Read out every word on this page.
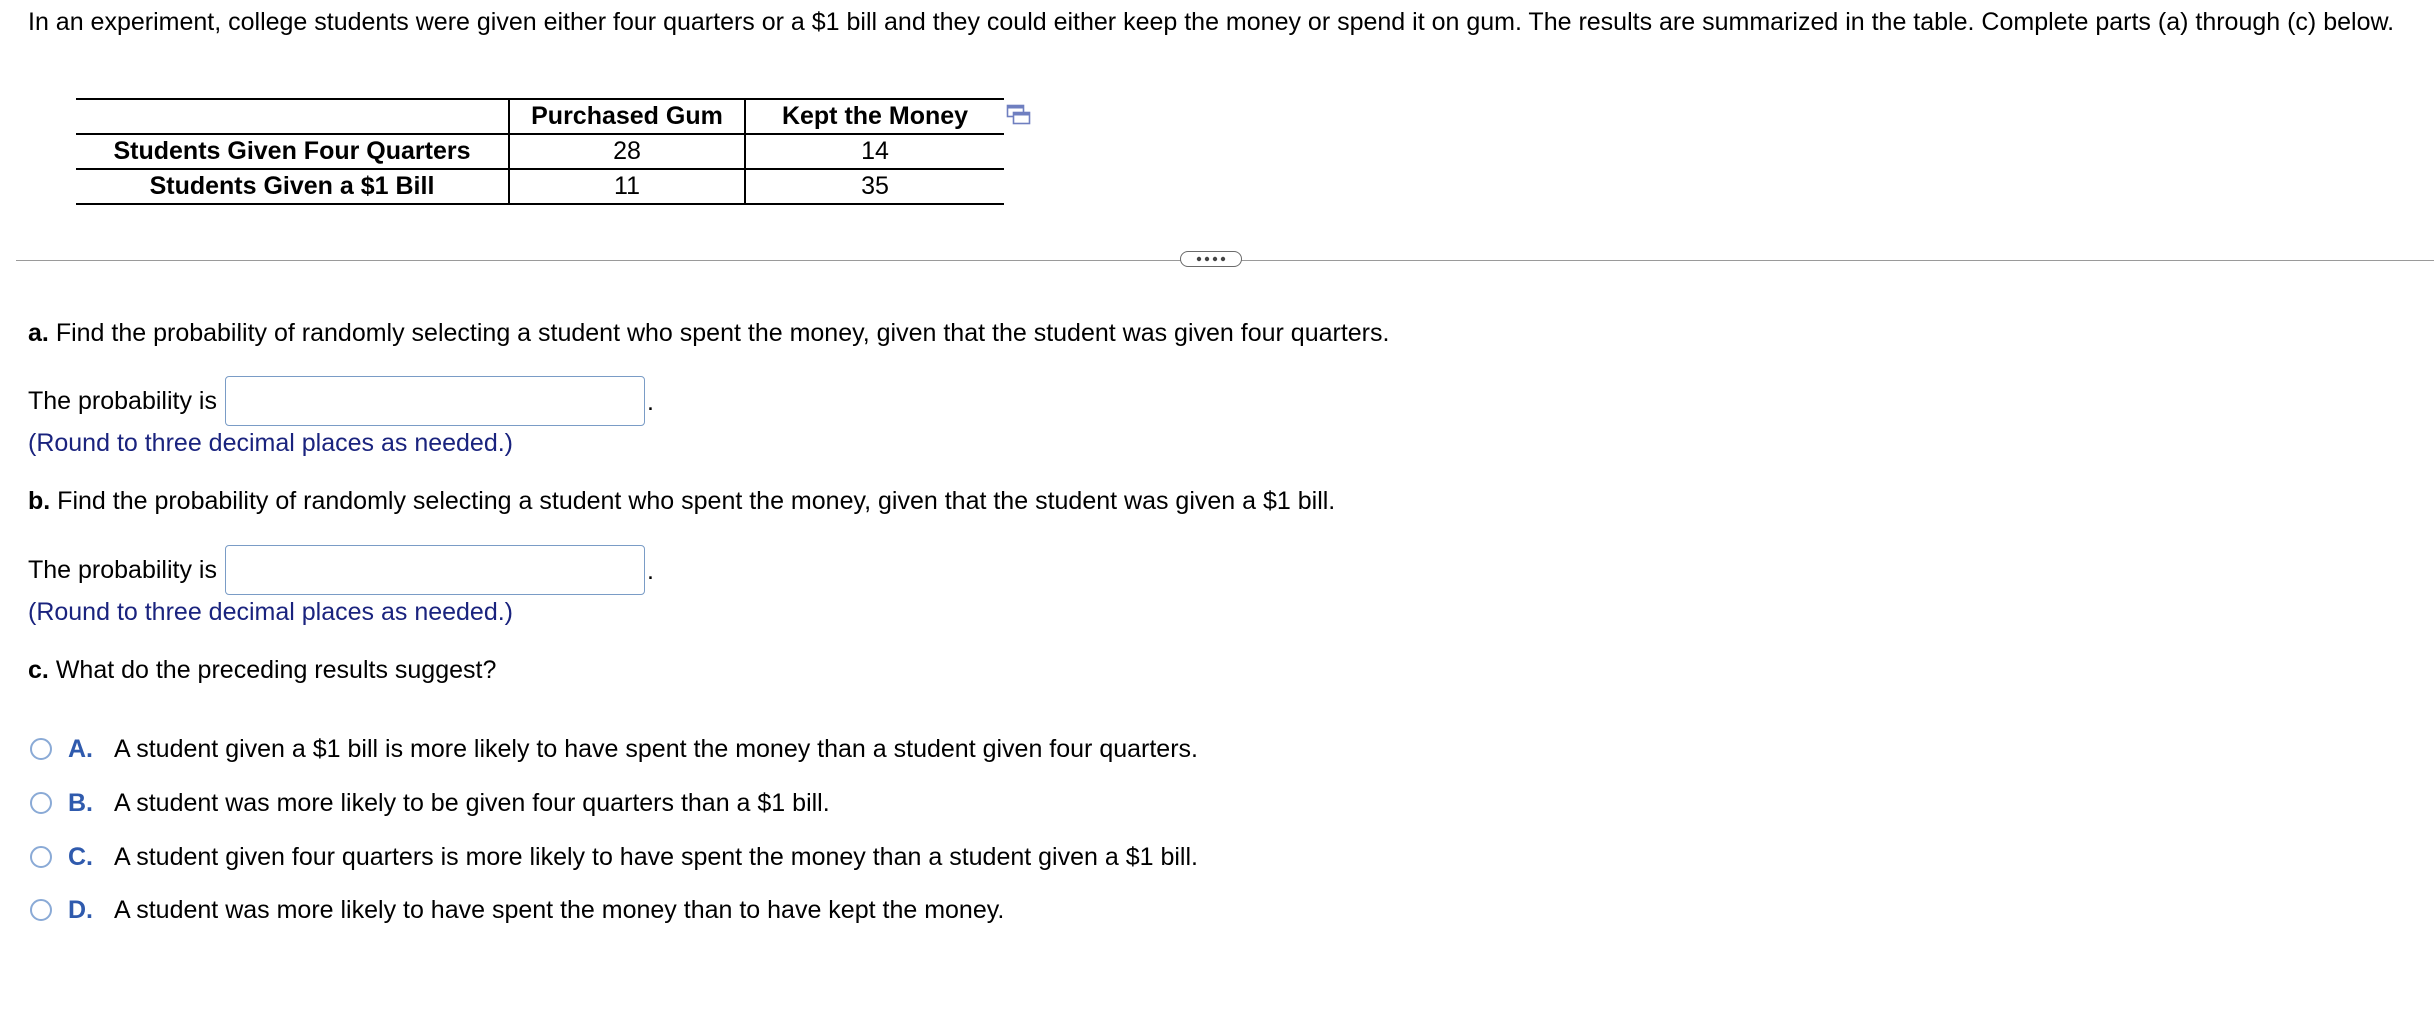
In an experiment, college students were given either four quarters or a $1 bill and they could either keep the money or spend it on gum. The results are summarized in the table. Complete parts (a) through (c) below.
	Purchased Gum	Kept the Money
Students Given Four Quarters	28	14
Students Given a $1 Bill	11	35
a. Find the probability of randomly selecting a student who spent the money, given that the student was given four quarters.
The probability is	.
(Round to three decimal places as needed.)
b. Find the probability of randomly selecting a student who spent the money, given that the student was given a $1 bill.
The probability is	.
(Round to three decimal places as needed.)
c. What do the preceding results suggest?
A. A student given a $1 bill is more likely to have spent the money than a student given four quarters.
B. A student was more likely to be given four quarters than a $1 bill.
C. A student given four quarters is more likely to have spent the money than a student given a $1 bill.
D. A student was more likely to have spent the money than to have kept the money.
